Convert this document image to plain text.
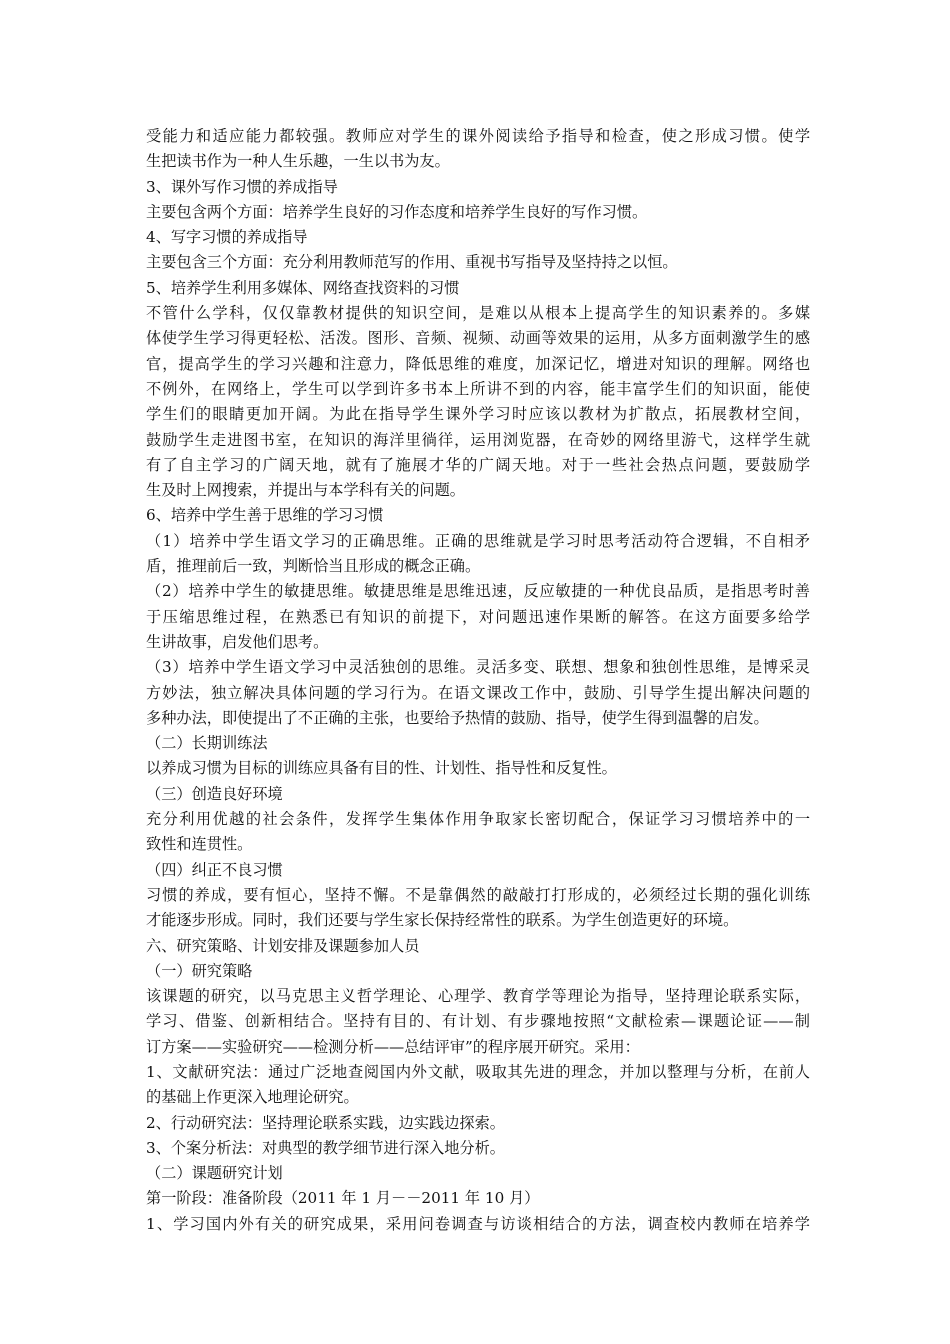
受能力和适应能力都较强。教师应对学生的课外阅读给予指导和检查，使之形成习惯。使学
生把读书作为一种人生乐趣，一生以书为友。
3、课外写作习惯的养成指导
主要包含两个方面：培养学生良好的习作态度和培养学生良好的写作习惯。
4、写字习惯的养成指导
主要包含三个方面：充分利用教师范写的作用、重视书写指导及坚持持之以恒。
5、培养学生利用多媒体、网络查找资料的习惯
不管什么学科，仅仅靠教材提供的知识空间，是难以从根本上提高学生的知识素养的。多媒
体使学生学习得更轻松、活泼。图形、音频、视频、动画等效果的运用，从多方面刺激学生的感
官，提高学生的学习兴趣和注意力，降低思维的难度，加深记忆，增进对知识的理解。网络也
不例外，在网络上，学生可以学到许多书本上所讲不到的内容，能丰富学生们的知识面，能使
学生们的眼睛更加开阔。为此在指导学生课外学习时应该以教材为扩散点，拓展教材空间，
鼓励学生走进图书室，在知识的海洋里徜徉，运用浏览器，在奇妙的网络里游弋，这样学生就
有了自主学习的广阔天地，就有了施展才华的广阔天地。对于一些社会热点问题，要鼓励学
生及时上网搜索，并提出与本学科有关的问题。
6、培养中学生善于思维的学习习惯
（1）培养中学生语文学习的正确思维。正确的思维就是学习时思考活动符合逻辑，不自相矛
盾，推理前后一致，判断恰当且形成的概念正确。
（2）培养中学生的敏捷思维。敏捷思维是思维迅速，反应敏捷的一种优良品质，是指思考时善
于压缩思维过程，在熟悉已有知识的前提下，对问题迅速作果断的解答。在这方面要多给学
生讲故事，启发他们思考。
（3）培养中学生语文学习中灵活独创的思维。灵活多变、联想、想象和独创性思维，是博采灵
方妙法，独立解决具体问题的学习行为。在语文课改工作中，鼓励、引导学生提出解决问题的
多种办法，即使提出了不正确的主张，也要给予热情的鼓励、指导，使学生得到温馨的启发。
（二）长期训练法
以养成习惯为目标的训练应具备有目的性、计划性、指导性和反复性。
（三）创造良好环境
充分利用优越的社会条件，发挥学生集体作用争取家长密切配合，保证学习习惯培养中的一
致性和连贯性。
（四）纠正不良习惯
习惯的养成，要有恒心，坚持不懈。不是靠偶然的敲敲打打形成的，必须经过长期的强化训练
才能逐步形成。同时，我们还要与学生家长保持经常性的联系。为学生创造更好的环境。
六、研究策略、计划安排及课题参加人员
（一）研究策略
该课题的研究，以马克思主义哲学理论、心理学、教育学等理论为指导，坚持理论联系实际，
学习、借鉴、创新相结合。坚持有目的、有计划、有步骤地按照“文献检索—课题论证——制
订方案——实验研究——检测分析——总结评审”的程序展开研究。采用：
1、文献研究法：通过广泛地查阅国内外文献，吸取其先进的理念，并加以整理与分析，在前人
的基础上作更深入地理论研究。
2、行动研究法：坚持理论联系实践，边实践边探索。
3、个案分析法：对典型的教学细节进行深入地分析。
（二）课题研究计划
第一阶段：准备阶段（2011 年 1 月－－2011 年 10 月）
1、学习国内外有关的研究成果，采用问卷调查与访谈相结合的方法，调查校内教师在培养学
